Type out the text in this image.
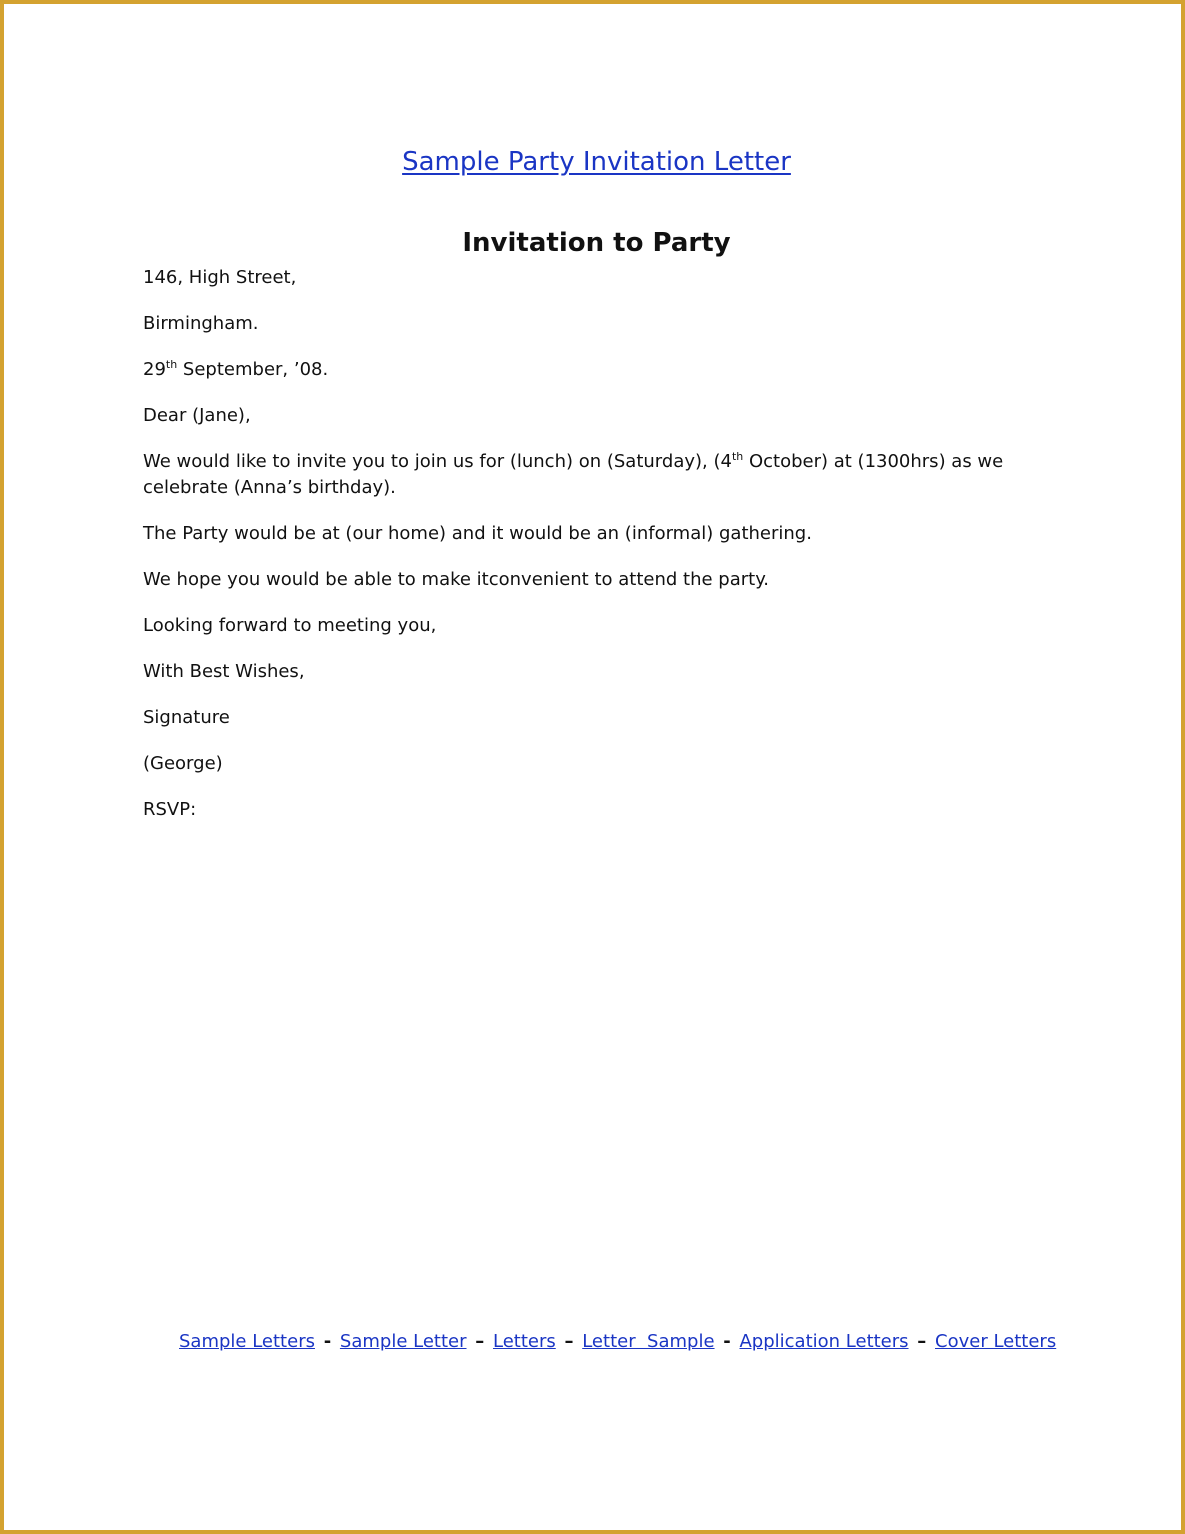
Sample Party Invitation Letter
Invitation to Party

146, High Street,

Birmingham.

29th September, ’08.

Dear (Jane),

We would like to invite you to join us for (lunch) on (Saturday), (4th October) at (1300hrs) as we celebrate (Anna’s birthday).

The Party would be at (our home) and it would be an (informal) gathering.

We hope you would be able to make itconvenient to attend the party.

Looking forward to meeting you,

With Best Wishes,

Signature

(George)

RSVP:

Sample Letters - Sample Letter – Letters – Letter  Sample - Application Letters – Cover Letters
